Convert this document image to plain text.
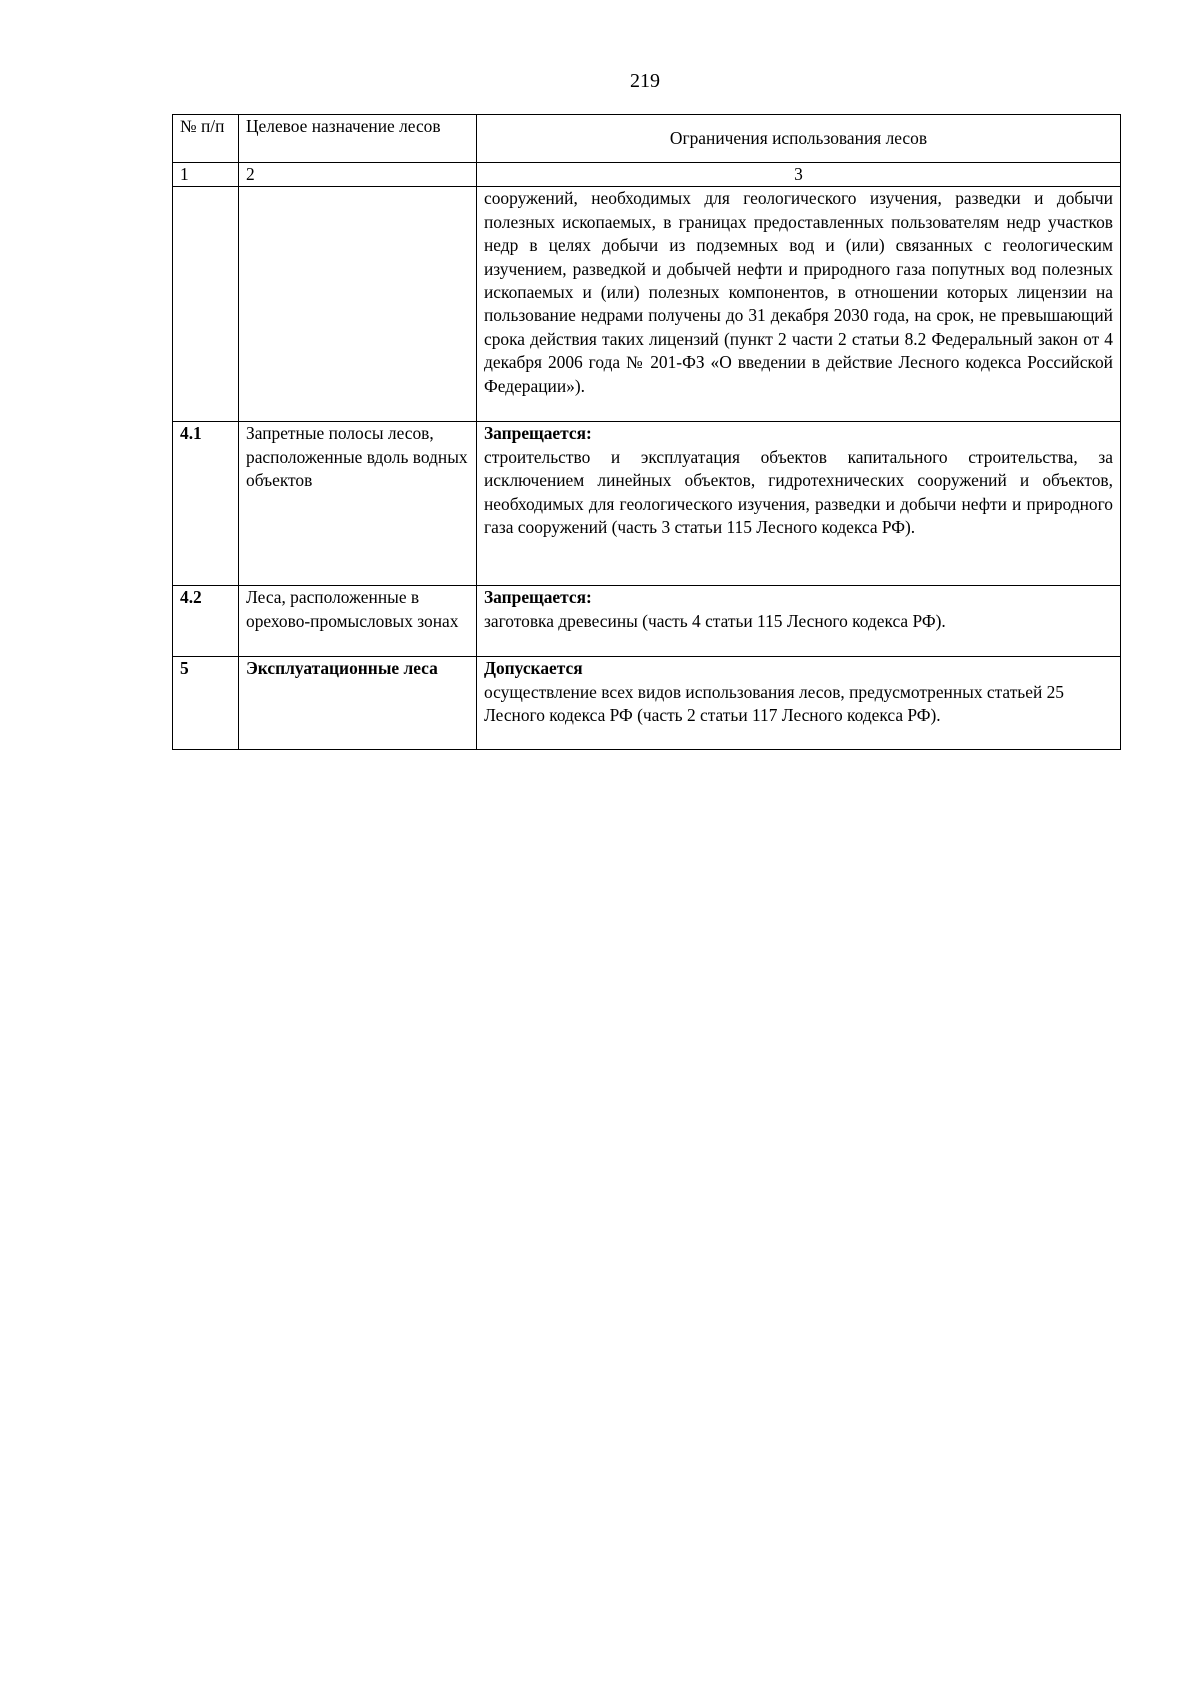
219
№ п/п	Целевое назначение лесов	Ограничения использования лесов
1	2	3
		сооружений, необходимых для геологического изучения, разведки и добычи полезных ископаемых, в границах предоставленных пользователям недр участков недр в целях добычи из подземных вод и (или) связанных с геологическим изучением, разведкой и добычей нефти и природного газа попутных вод полезных ископаемых и (или) полезных компонентов, в отношении которых лицензии на пользование недрами получены до 31 декабря 2030 года, на срок, не превышающий срока действия таких лицензий (пункт 2 части 2 статьи 8.2 Федеральный закон от 4 декабря 2006 года № 201-ФЗ «О введении в действие Лесного кодекса Российской Федерации»).
4.1	Запретные полосы лесов, расположенные вдоль водных объектов	Запрещается:
строительство и эксплуатация объектов капитального строительства, за исключением линейных объектов, гидротехнических сооружений и объектов, необходимых для геологического изучения, разведки и добычи нефти и природного газа сооружений (часть 3 статьи 115 Лесного кодекса РФ).

4.2	Леса, расположенные в орехово-промысловых зонах	Запрещается:
заготовка древесины (часть 4 статьи 115 Лесного кодекса РФ).

5	Эксплуатационные леса	Допускается
осуществление всех видов использования лесов, предусмотренных статьей 25 Лесного кодекса РФ (часть 2 статьи 117 Лесного кодекса РФ).
